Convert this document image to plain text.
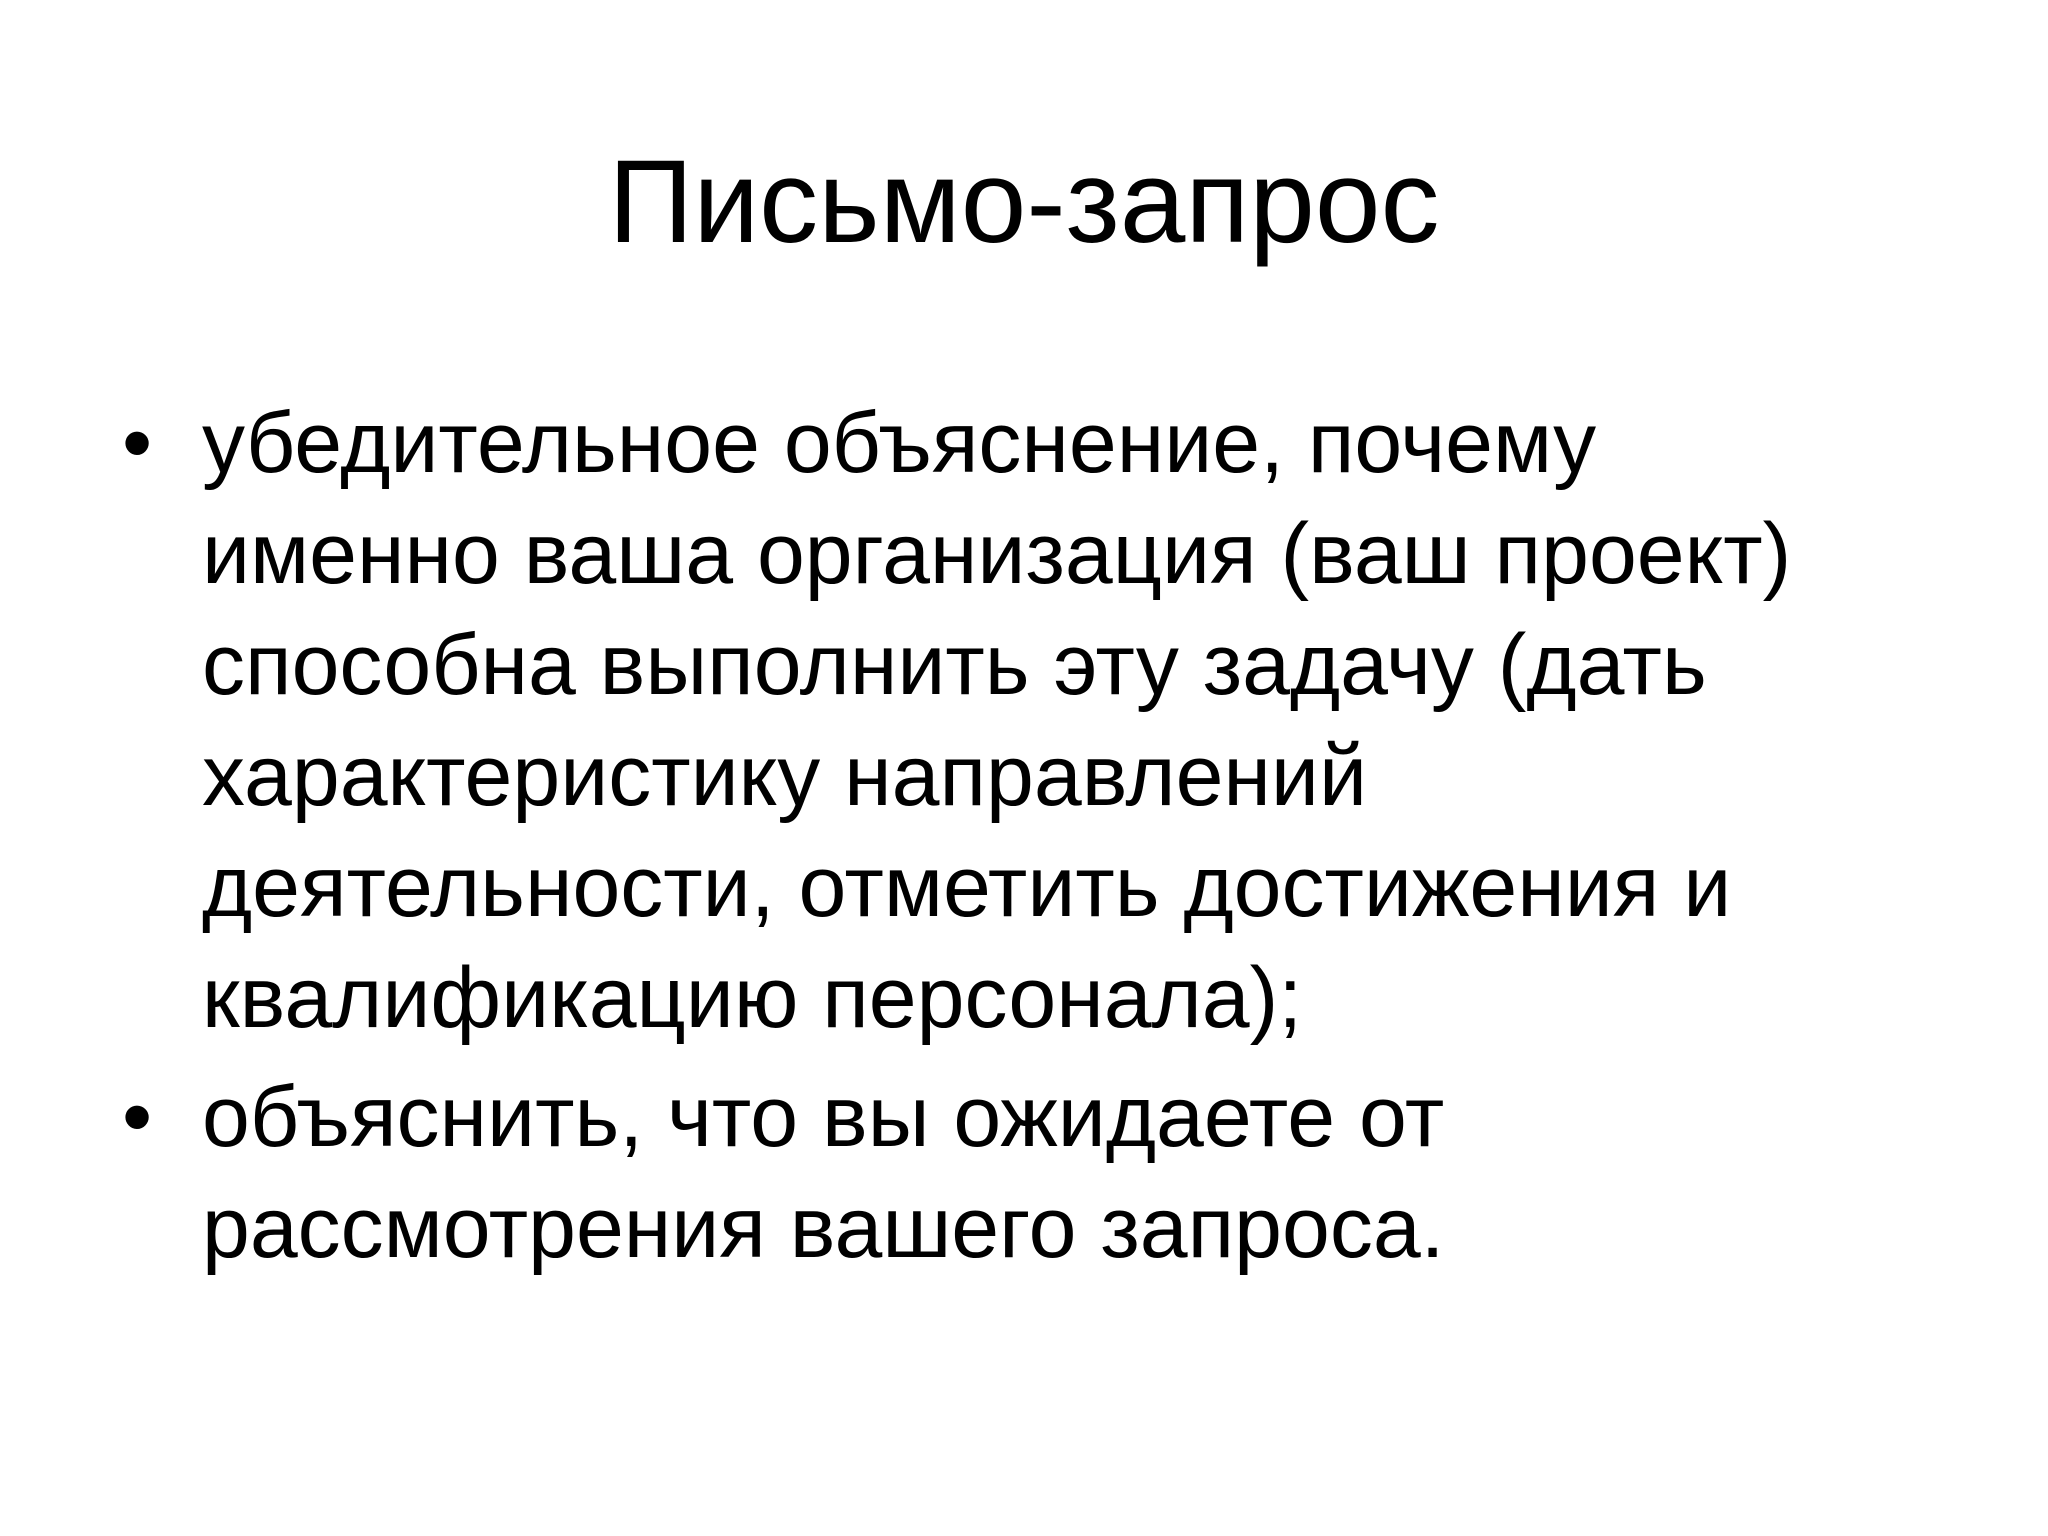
Письмо-запрос
• убедительное объяснение, почему
именно ваша организация (ваш проект)
способна выполнить эту задачу (дать
характеристику направлений
деятельности, отметить достижения и
квалификацию персонала);
• объяснить, что вы ожидаете от
рассмотрения вашего запроса.
